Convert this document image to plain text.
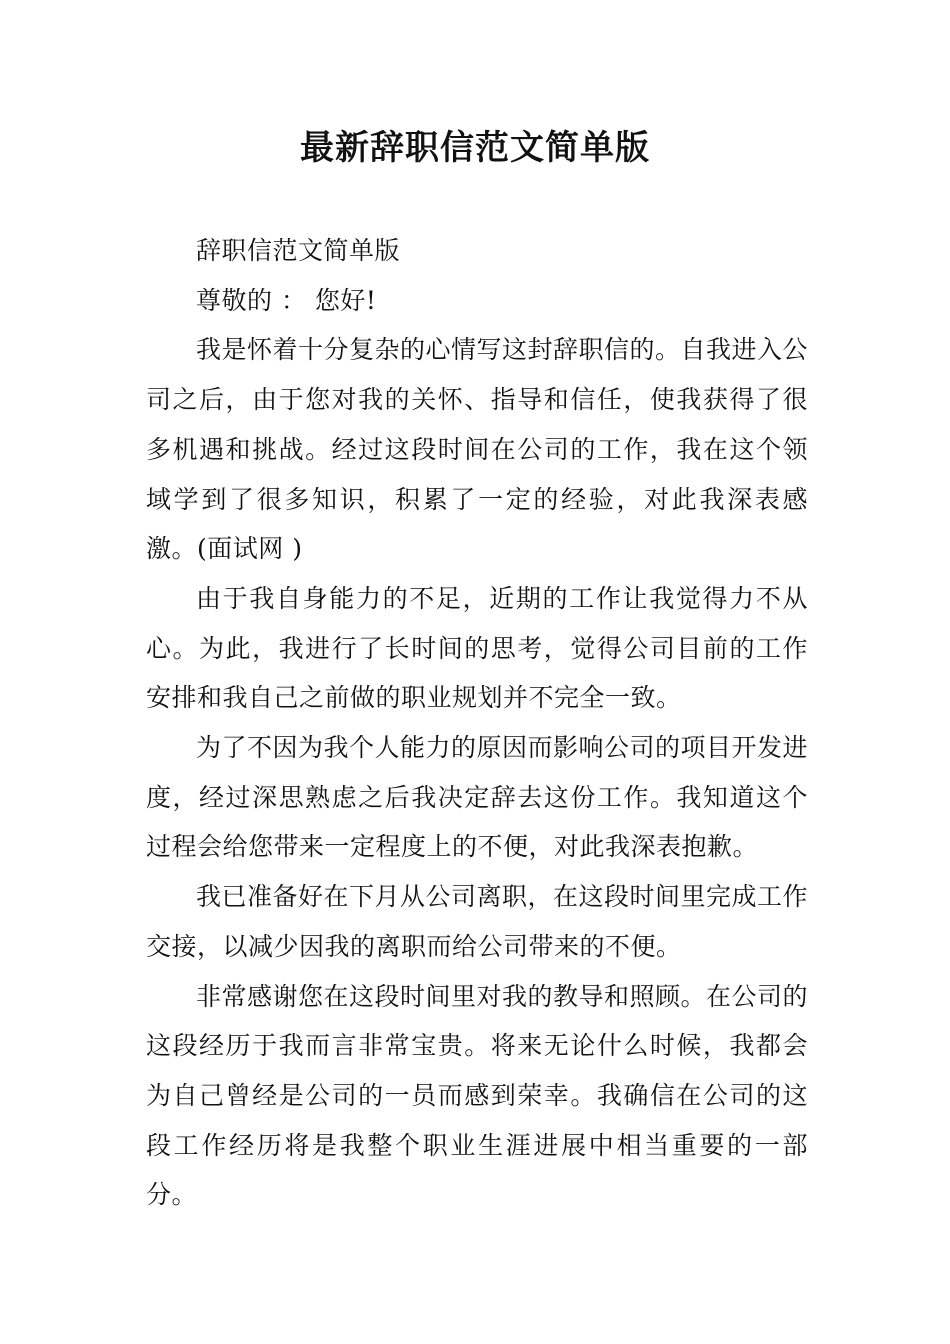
最新辞职信范文简单版

辞职信范文简单版

尊敬的 ： 您好!

我是怀着十分复杂的心情写这封辞职信的。自我进入公司之后，由于您对我的关怀、指导和信任，使我获得了很多机遇和挑战。经过这段时间在公司的工作，我在这个领域学到了很多知识，积累了一定的经验，对此我深表感激。(面试网 )

由于我自身能力的不足，近期的工作让我觉得力不从心。为此，我进行了长时间的思考，觉得公司目前的工作安排和我自己之前做的职业规划并不完全一致。

为了不因为我个人能力的原因而影响公司的项目开发进度，经过深思熟虑之后我决定辞去这份工作。我知道这个过程会给您带来一定程度上的不便，对此我深表抱歉。

我已准备好在下月从公司离职，在这段时间里完成工作交接，以减少因我的离职而给公司带来的不便。

非常感谢您在这段时间里对我的教导和照顾。在公司的这段经历于我而言非常宝贵。将来无论什么时候，我都会为自己曾经是公司的一员而感到荣幸。我确信在公司的这段工作经历将是我整个职业生涯进展中相当重要的一部分。
